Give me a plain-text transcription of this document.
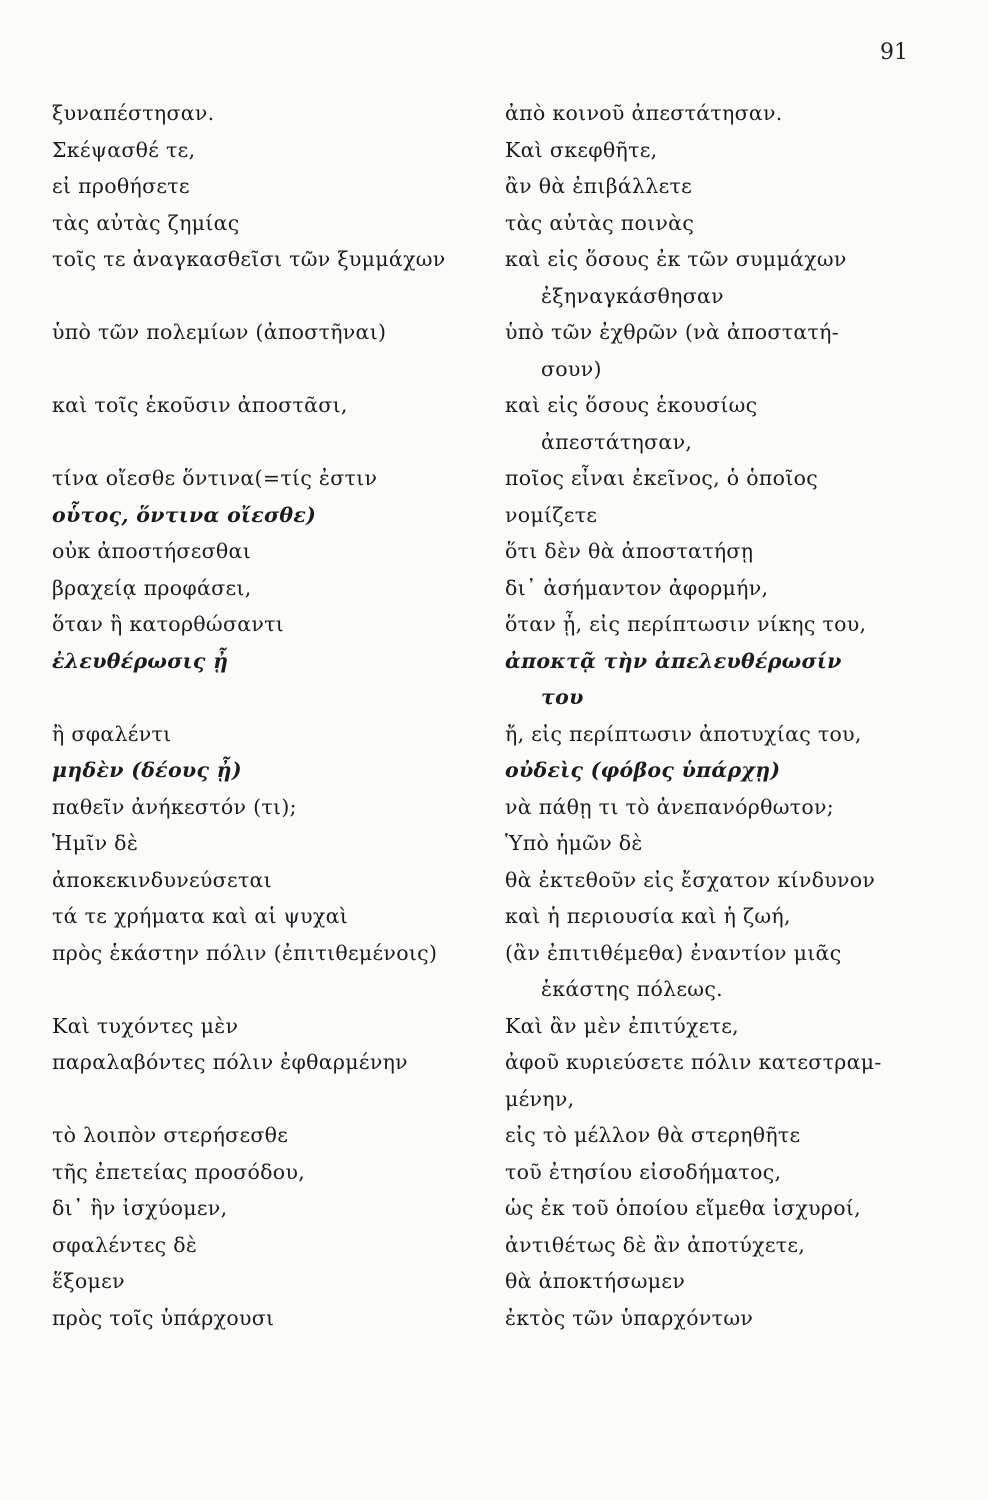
91
ξυναπέστησαν.
Σκέψασθέ τε,
εἰ προθήσετε
τὰς αὐτὰς ζημίας
τοῖς τε ἀναγκασθεῖσι τῶν ξυμμάχων
ὑπὸ τῶν πολεμίων (ἀποστῆναι)
καὶ τοῖς ἑκοῦσιν ἀποστᾶσι,
τίνα οἴεσθε ὅντινα(=τίς ἐστιν
οὗτος, ὅντινα οἴεσθε)
οὐκ ἀποστήσεσθαι
βραχείᾳ προφάσει,
ὅταν ἢ κατορθώσαντι
ἐλευθέρωσις ᾖ
ἢ σφαλέντι
μηδὲν (δέους ᾖ)
παθεῖν ἀνήκεστόν (τι);
Ἡμῖν δὲ
ἀποκεκινδυνεύσεται
τά τε χρήματα καὶ αἱ ψυχαὶ
πρὸς ἑκάστην πόλιν (ἐπιτιθεμένοις)
Καὶ τυχόντες μὲν
παραλαβόντες πόλιν ἐφθαρμένην
τὸ λοιπὸν στερήσεσθε
τῆς ἐπετείας προσόδου,
δι᾽ ἣν ἰσχύομεν,
σφαλέντες δὲ
ἕξομεν
πρὸς τοῖς ὑπάρχουσι
ἀπὸ κοινοῦ ἀπεστάτησαν.
Καὶ σκεφθῆτε,
ἂν θὰ ἐπιβάλλετε
τὰς αὐτὰς ποινὰς
καὶ εἰς ὅσους ἐκ τῶν συμμάχων
ἐξηναγκάσθησαν
ὑπὸ τῶν ἐχθρῶν (νὰ ἀποστατή-
σουν)
καὶ εἰς ὅσους ἑκουσίως
ἀπεστάτησαν,
ποῖος εἶναι ἐκεῖνος, ὁ ὁποῖος
νομίζετε
ὅτι δὲν θὰ ἀποστατήσῃ
δι᾽ ἀσήμαντον ἀφορμήν,
ὅταν ᾖ, εἰς περίπτωσιν νίκης του,
ἀποκτᾷ τὴν ἀπελευθέρωσίν
του
ἤ, εἰς περίπτωσιν ἀποτυχίας του,
οὐδεὶς (φόβος ὑπάρχῃ)
νὰ πάθῃ τι τὸ ἀνεπανόρθωτον;
Ὑπὸ ἡμῶν δὲ
θὰ ἐκτεθοῦν εἰς ἔσχατον κίνδυνον
καὶ ἡ περιουσία καὶ ἡ ζωή,
(ἂν ἐπιτιθέμεθα) ἐναντίον μιᾶς
ἑκάστης πόλεως.
Καὶ ἂν μὲν ἐπιτύχετε,
ἀφοῦ κυριεύσετε πόλιν κατεστραμ-
μένην,
εἰς τὸ μέλλον θὰ στερηθῆτε
τοῦ ἐτησίου εἰσοδήματος,
ὡς ἐκ τοῦ ὁποίου εἴμεθα ἰσχυροί,
ἀντιθέτως δὲ ἂν ἀποτύχετε,
θὰ ἀποκτήσωμεν
ἐκτὸς τῶν ὑπαρχόντων
